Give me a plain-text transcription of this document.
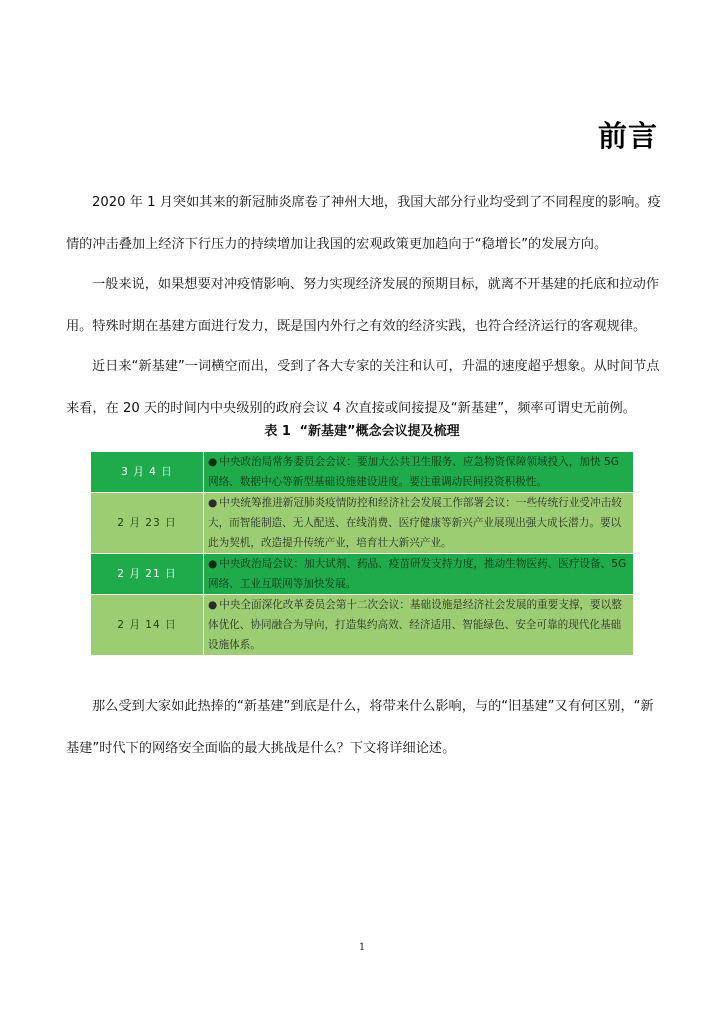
前言

2020 年 1 月突如其来的新冠肺炎席卷了神州大地，我国大部分行业均受到了不同程度的影响。疫情的冲击叠加上经济下行压力的持续增加让我国的宏观政策更加趋向于“稳增长”的发展方向。

一般来说，如果想要对冲疫情影响、努力实现经济发展的预期目标，就离不开基建的托底和拉动作用。特殊时期在基建方面进行发力，既是国内外行之有效的经济实践，也符合经济运行的客观规律。

近日来“新基建”一词横空而出，受到了各大专家的关注和认可，升温的速度超乎想象。从时间节点来看，在 20 天的时间内中央级别的政府会议 4 次直接或间接提及“新基建”，频率可谓史无前例。

表 1 “新基建”概念会议提及梳理
3 月 4 日	● 中央政治局常务委员会会议：要加大公共卫生服务、应急物资保障领域投入，加快 5G 网络、数据中心等新型基础设施建设进度。要注重调动民间投资积极性。
2 月 23 日	● 中央统筹推进新冠肺炎疫情防控和经济社会发展工作部署会议：一些传统行业受冲击较大，而智能制造、无人配送、在线消费、医疗健康等新兴产业展现出强大成长潜力。要以此为契机，改造提升传统产业，培育壮大新兴产业。
2 月 21 日	● 中央政治局会议：加大试剂、药品、疫苗研发支持力度，推动生物医药、医疗设备、5G 网络、工业互联网等加快发展。
2 月 14 日	● 中央全面深化改革委员会第十二次会议：基础设施是经济社会发展的重要支撑，要以整体优化、协同融合为导向，打造集约高效、经济适用、智能绿色、安全可靠的现代化基础设施体系。

那么受到大家如此热捧的“新基建”到底是什么，将带来什么影响，与的“旧基建”又有何区别，“新基建”时代下的网络安全面临的最大挑战是什么？下文将详细论述。

1
